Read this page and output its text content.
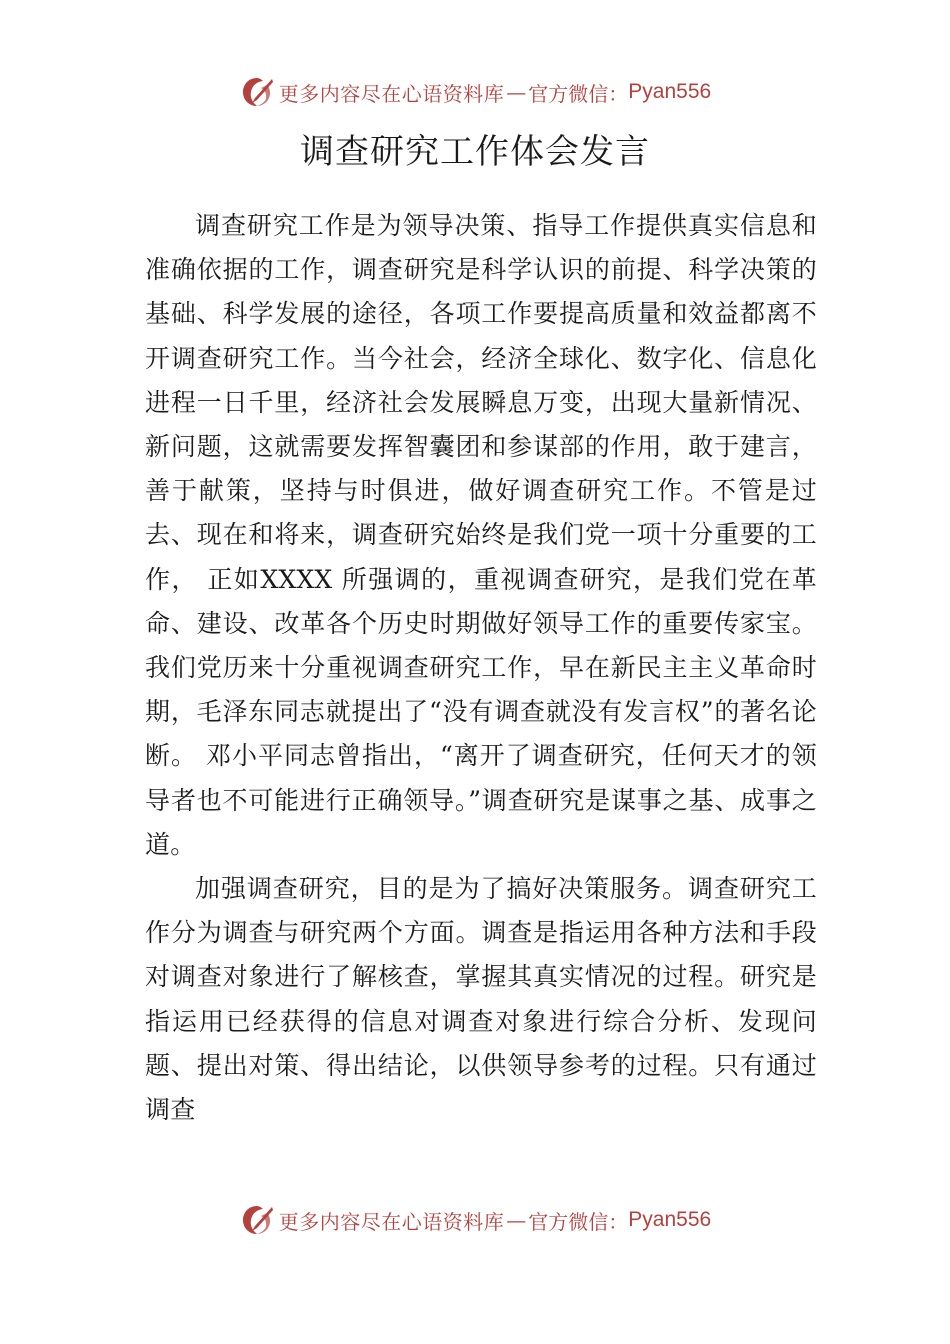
更多内容尽在心语资料库 — 官方微信： Pyan556
调查研究工作体会发言

调查研究工作是为领导决策、指导工作提供真实信息和准确依据的工作，调查研究是科学认识的前提、科学决策的基础、科学发展的途径，各项工作要提高质量和效益都离不开调查研究工作。当今社会，经济全球化、数字化、信息化进程一日千里，经济社会发展瞬息万变，出现大量新情况、 新问题，这就需要发挥智囊团和参谋部的作用，敢于建言， 善于献策，坚持与时俱进，做好调查研究工作。不管是过去、现在和将来，调查研究始终是我们党一项十分重要的工作， 正如XXXX 所强调的，重视调查研究，是我们党在革命、建设、改革各个历史时期做好领导工作的重要传家宝。我们党历来十分重视调查研究工作，早在新民主主义革命时期，毛泽东同志就提出了“没有调查就没有发言权”的著名论断。 邓小平同志曾指出，“离开了调查研究，任何天才的领导者也不可能进行正确领导。”调查研究是谋事之基、成事之道。

加强调查研究，目的是为了搞好决策服务。调查研究工作分为调查与研究两个方面。调查是指运用各种方法和手段对调查对象进行了解核查，掌握其真实情况的过程。研究是指运用已经获得的信息对调查对象进行综合分析、发现问题、提出对策、得出结论，以供领导参考的过程。只有通过调查

更多内容尽在心语资料库 — 官方微信： Pyan556
